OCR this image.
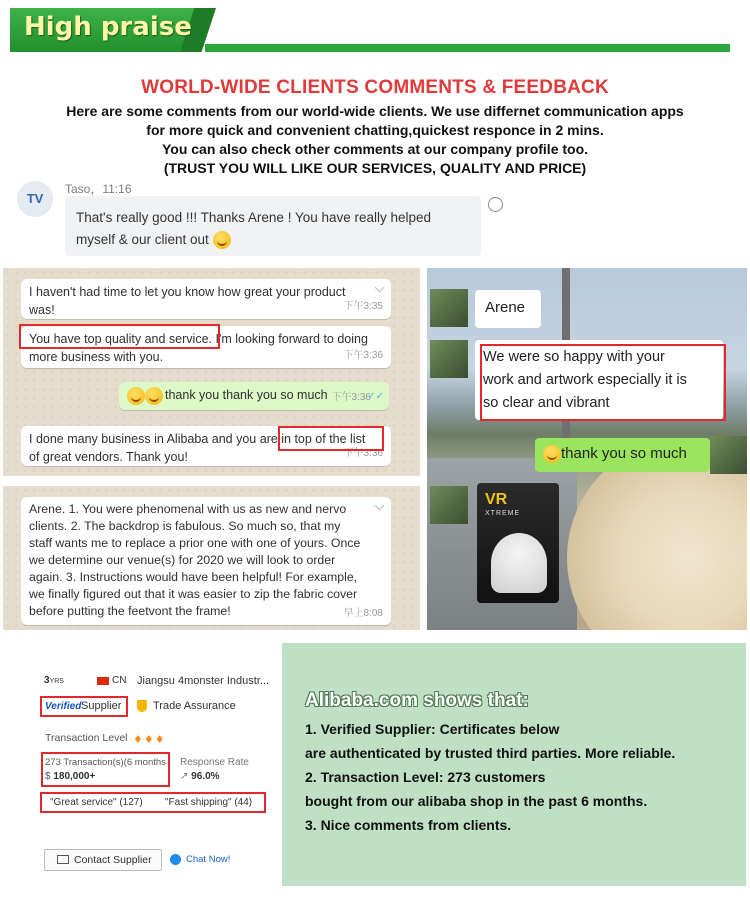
High praise
WORLD-WIDE CLIENTS COMMENTS & FEEDBACK
Here are some comments from our world-wide clients. We use differnet communication apps
for more quick and convenient chatting,quickest responce in 2 mins.
You can also check other comments at our company profile too.
(TRUST YOU WILL LIKE OUR SERVICES, QUALITY AND PRICE)
TV
Taso，11:16
That's really good !!! Thanks Arene ! You have really helped
myself & our client out
I haven't had time to let you know how great your product
was!	下午3:35
You have top quality and service. I'm looking forward to doing
more business with you.	下午3:36
thank you thank you so much 下午3:36
✓✓
I done many business in Alibaba and you are in top of the list
of great vendors. Thank you!	下午3:36
Arene. 1. You were phenomenal with us as new and nervo
clients. 2. The backdrop is fabulous. So much so, that my
staff wants me to replace a prior one with one of yours. Once
we determine our venue(s) for 2020 we will look to order
again. 3. Instructions would have been helpful! For example,
we finally figured out that it was easier to zip the fabric cover
before putting the feetvont the frame!	早上8:08
Arene
We were so happy with your
work and artwork especially it is
so clear and vibrant
thank you so much
VR
XTREME
3YRS	CN Jiangsu 4monster Industr...
Verified Supplier	Trade Assurance
Transaction Level ♦♦♦
273 Transaction(s)(6 months
$ 180,000+
Response Rate
↗ 96.0%
"Great service" (127) "Fast shipping" (44)
Contact Supplier	Chat Now!
Alibaba.com shows that:
1. Verified Supplier: Certificates below
are authenticated by trusted third parties. More reliable.
2. Transaction Level: 273 customers
bought from our alibaba shop in the past 6 months.
3. Nice comments from clients.
